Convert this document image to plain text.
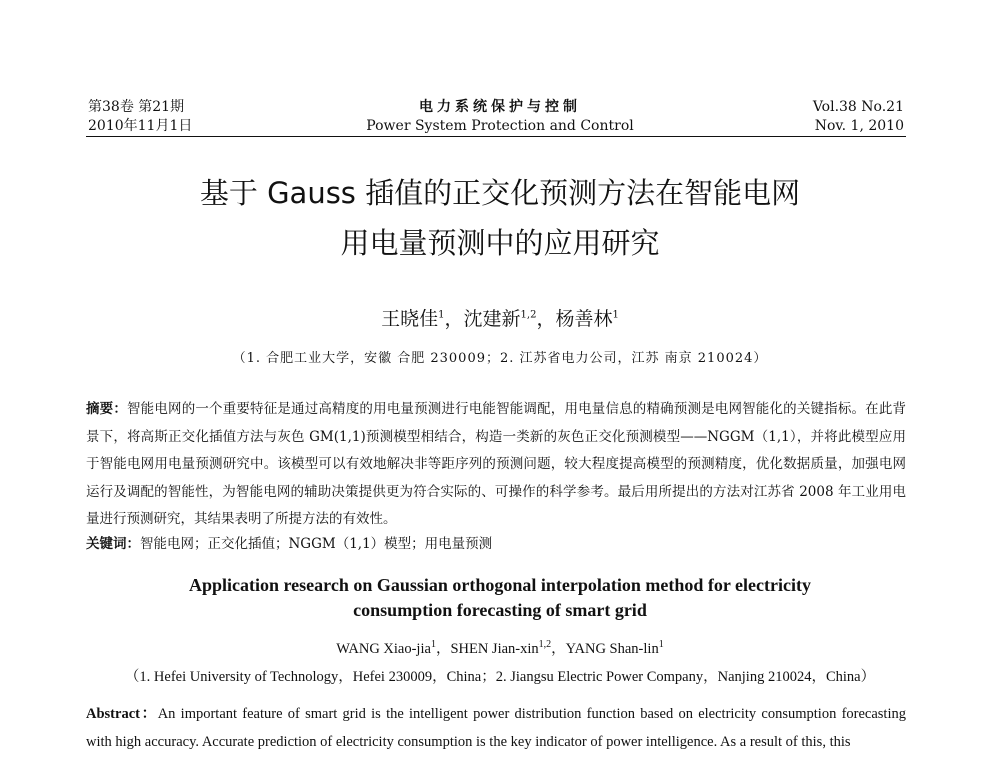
第38卷 第21期
2010年11月1日
电力系统保护与控制
Power System Protection and Control
Vol.38 No.21
Nov. 1, 2010
基于 Gauss 插值的正交化预测方法在智能电网
用电量预测中的应用研究
王晓佳$^1$，沈建新$^{1,2}$，杨善林$^1$
（1. 合肥工业大学，安徽 合肥 230009；2. 江苏省电力公司，江苏 南京 210024）
摘要：智能电网的一个重要特征是通过高精度的用电量预测进行电能智能调配，用电量信息的精确预测是电网智能化的关键指标。在此背景下，将高斯正交化插值方法与灰色 GM(1,1)预测模型相结合，构造一类新的灰色正交化预测模型——NGGM（1,1），并将此模型应用于智能电网用电量预测研究中。该模型可以有效地解决非等距序列的预测问题，较大程度提高模型的预测精度，优化数据质量，加强电网运行及调配的智能性，为智能电网的辅助决策提供更为符合实际的、可操作的科学参考。最后用所提出的方法对江苏省 2008 年工业用电量进行预测研究，其结果表明了所提方法的有效性。
关键词：智能电网；正交化插值；NGGM（1,1）模型；用电量预测
Application research on Gaussian orthogonal interpolation method for electricity
consumption forecasting of smart grid
WANG Xiao-jia$^1$，SHEN Jian-xin$^{1,2}$，YANG Shan-lin$^1$
（1. Hefei University of Technology，Hefei 230009，China；2. Jiangsu Electric Power Company，Nanjing 210024，China）
Abstract：An important feature of smart grid is the intelligent power distribution function based on electricity consumption forecasting with high accuracy. Accurate prediction of electricity consumption is the key indicator of power intelligence. As a result of this, this
